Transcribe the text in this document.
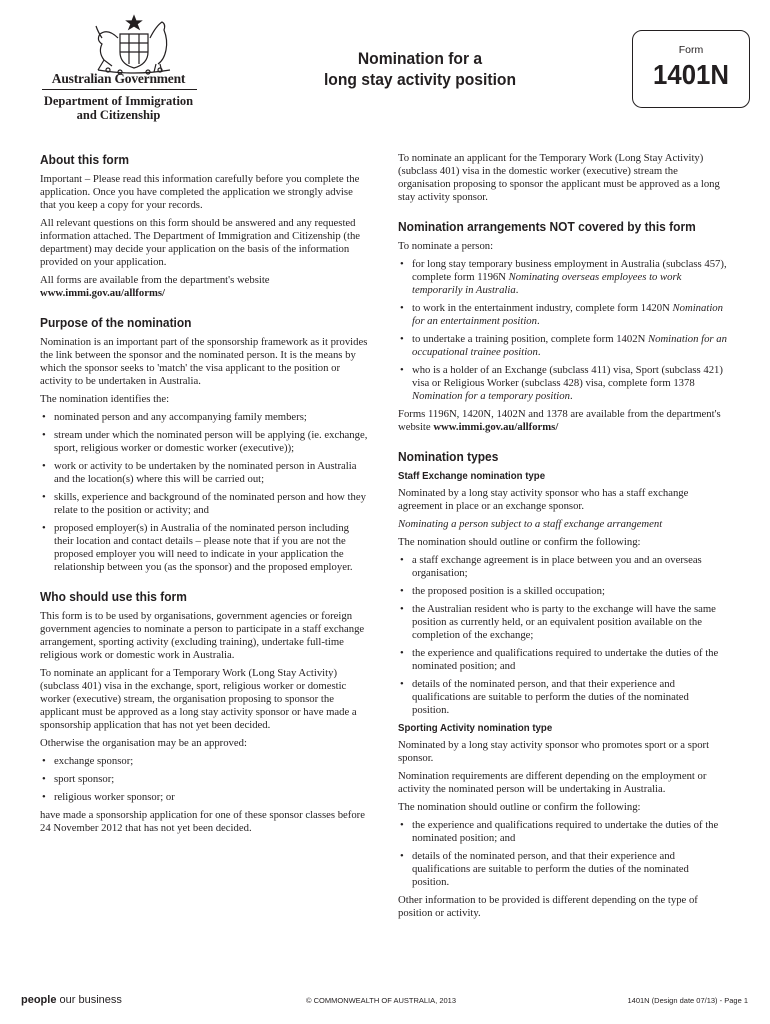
Australian Government
Department of Immigration
and Citizenship
Nomination for a
long stay activity position
Form
1401N
About this form

Important – Please read this information carefully before you complete the application. Once you have completed the application we strongly advise that you keep a copy for your records.

All relevant questions on this form should be answered and any requested information attached. The Department of Immigration and Citizenship (the department) may decide your application on the basis of the information provided on your application.

All forms are available from the department's website
www.immi.gov.au/allforms/

Purpose of the nomination

Nomination is an important part of the sponsorship framework as it provides the link between the sponsor and the nominated person. It is the means by which the sponsor seeks to 'match' the visa applicant to the position or activity to be undertaken in Australia.

The nomination identifies the:

• nominated person and any accompanying family members;
• stream under which the nominated person will be applying (ie. exchange, sport, religious worker or domestic worker (executive));
• work or activity to be undertaken by the nominated person in Australia and the location(s) where this will be carried out;
• skills, experience and background of the nominated person and how they relate to the position or activity; and
• proposed employer(s) in Australia of the nominated person including their location and contact details – please note that if you are not the proposed employer you will need to indicate in your application the relationship between you (as the sponsor) and the proposed employer.
Who should use this form

This form is to be used by organisations, government agencies or foreign government agencies to nominate a person to participate in a staff exchange arrangement, sporting activity (excluding training), undertake full-time religious work or domestic work in Australia.

To nominate an applicant for a Temporary Work (Long Stay Activity) (subclass 401) visa in the exchange, sport, religious worker or domestic worker (executive) stream, the organisation proposing to sponsor the applicant must be approved as a long stay activity sponsor or have made a sponsorship application that has not yet been decided.

Otherwise the organisation may be an approved:

• exchange sponsor;
• sport sponsor;
• religious worker sponsor; or

have made a sponsorship application for one of these sponsor classes before 24 November 2012 that has not yet been decided.

To nominate an applicant for the Temporary Work (Long Stay Activity) (subclass 401) visa in the domestic worker (executive) stream the organisation proposing to sponsor the applicant must be approved as a long stay activity sponsor.

Nomination arrangements NOT covered by this form

To nominate a person:

• for long stay temporary business employment in Australia (subclass 457), complete form 1196N Nominating overseas employees to work temporarily in Australia.
• to work in the entertainment industry, complete form 1420N Nomination for an entertainment position.
• to undertake a training position, complete form 1402N Nomination for an occupational trainee position.
• who is a holder of an Exchange (subclass 411) visa, Sport (subclass 421) visa or Religious Worker (subclass 428) visa, complete form 1378 Nomination for a temporary position.

Forms 1196N, 1420N, 1402N and 1378 are available from the department's website www.immi.gov.au/allforms/

Nomination types
Staff Exchange nomination type

Nominated by a long stay activity sponsor who has a staff exchange agreement in place or an exchange sponsor.

Nominating a person subject to a staff exchange arrangement

The nomination should outline or confirm the following:

• a staff exchange agreement is in place between you and an overseas organisation;
• the proposed position is a skilled occupation;
• the Australian resident who is party to the exchange will have the same position as currently held, or an equivalent position available on the completion of the exchange;
• the experience and qualifications required to undertake the duties of the nominated position; and
• details of the nominated person, and that their experience and qualifications are suitable to perform the duties of the nominated position.
Sporting Activity nomination type

Nominated by a long stay activity sponsor who promotes sport or a sport sponsor.

Nomination requirements are different depending on the employment or activity the nominated person will be undertaking in Australia.

The nomination should outline or confirm the following:

• the experience and qualifications required to undertake the duties of the nominated position; and
• details of the nominated person, and that their experience and qualifications are suitable to perform the duties of the nominated position.

Other information to be provided is different depending on the type of position or activity.

people our business	© COMMONWEALTH OF AUSTRALIA, 2013	1401N (Design date 07/13) - Page 1
